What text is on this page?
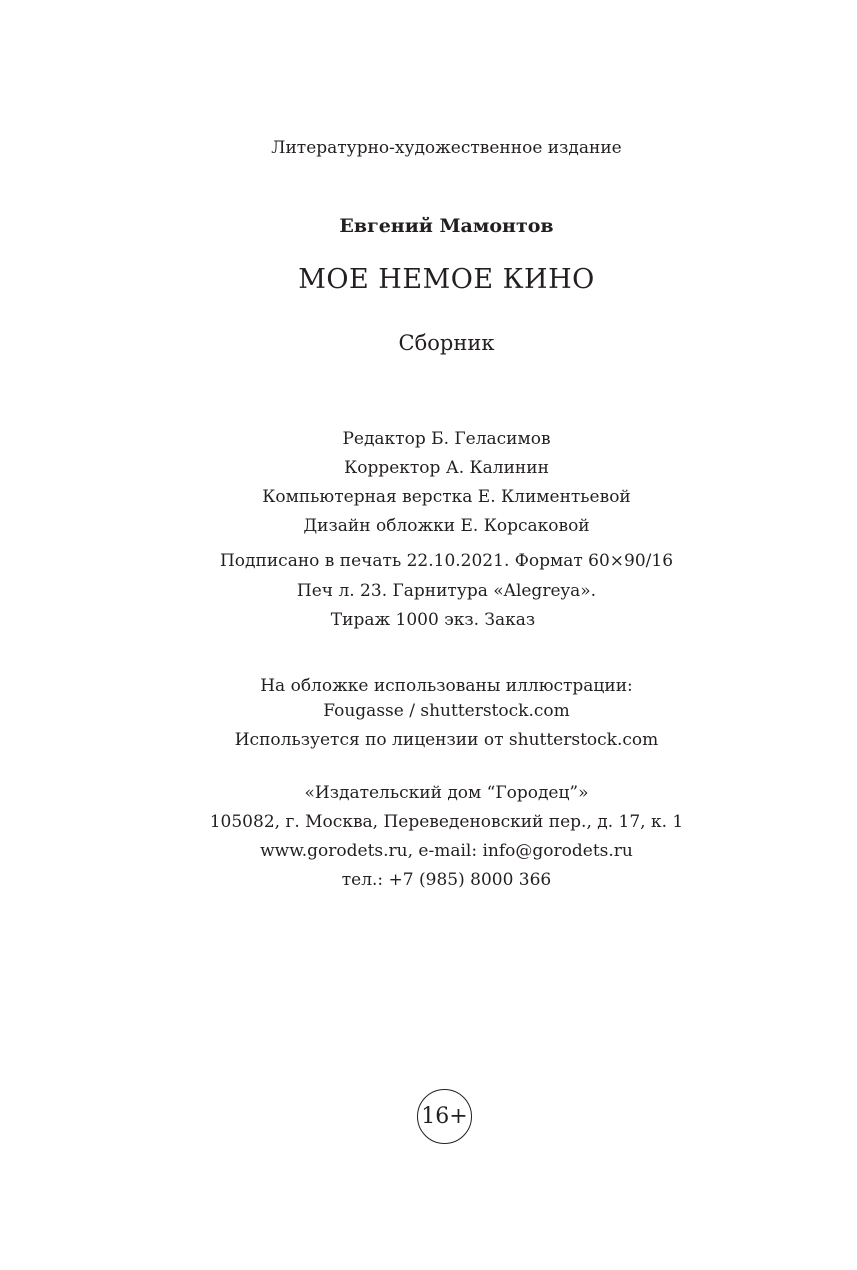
Литературно-художественное издание
Евгений Мамонтов
МОЕ НЕМОЕ КИНО
Сборник
Редактор Б. Геласимов
Корректор А. Калинин
Компьютерная верстка Е. Климентьевой
Дизайн обложки Е. Корсаковой
Подписано в печать 22.10.2021. Формат 60×90/16
Печ л. 23. Гарнитура «Alegreya».
Тираж 1000 экз. Заказ
На обложке использованы иллюстрации:
Fougasse / shutterstock.com
Используется по лицензии от shutterstock.com
«Издательский дом “Городец”»
105082, г. Москва, Переведеновский пер., д. 17, к. 1
www.gorodets.ru, e-mail: info@gorodets.ru
тел.: +7 (985) 8000 366
16+
